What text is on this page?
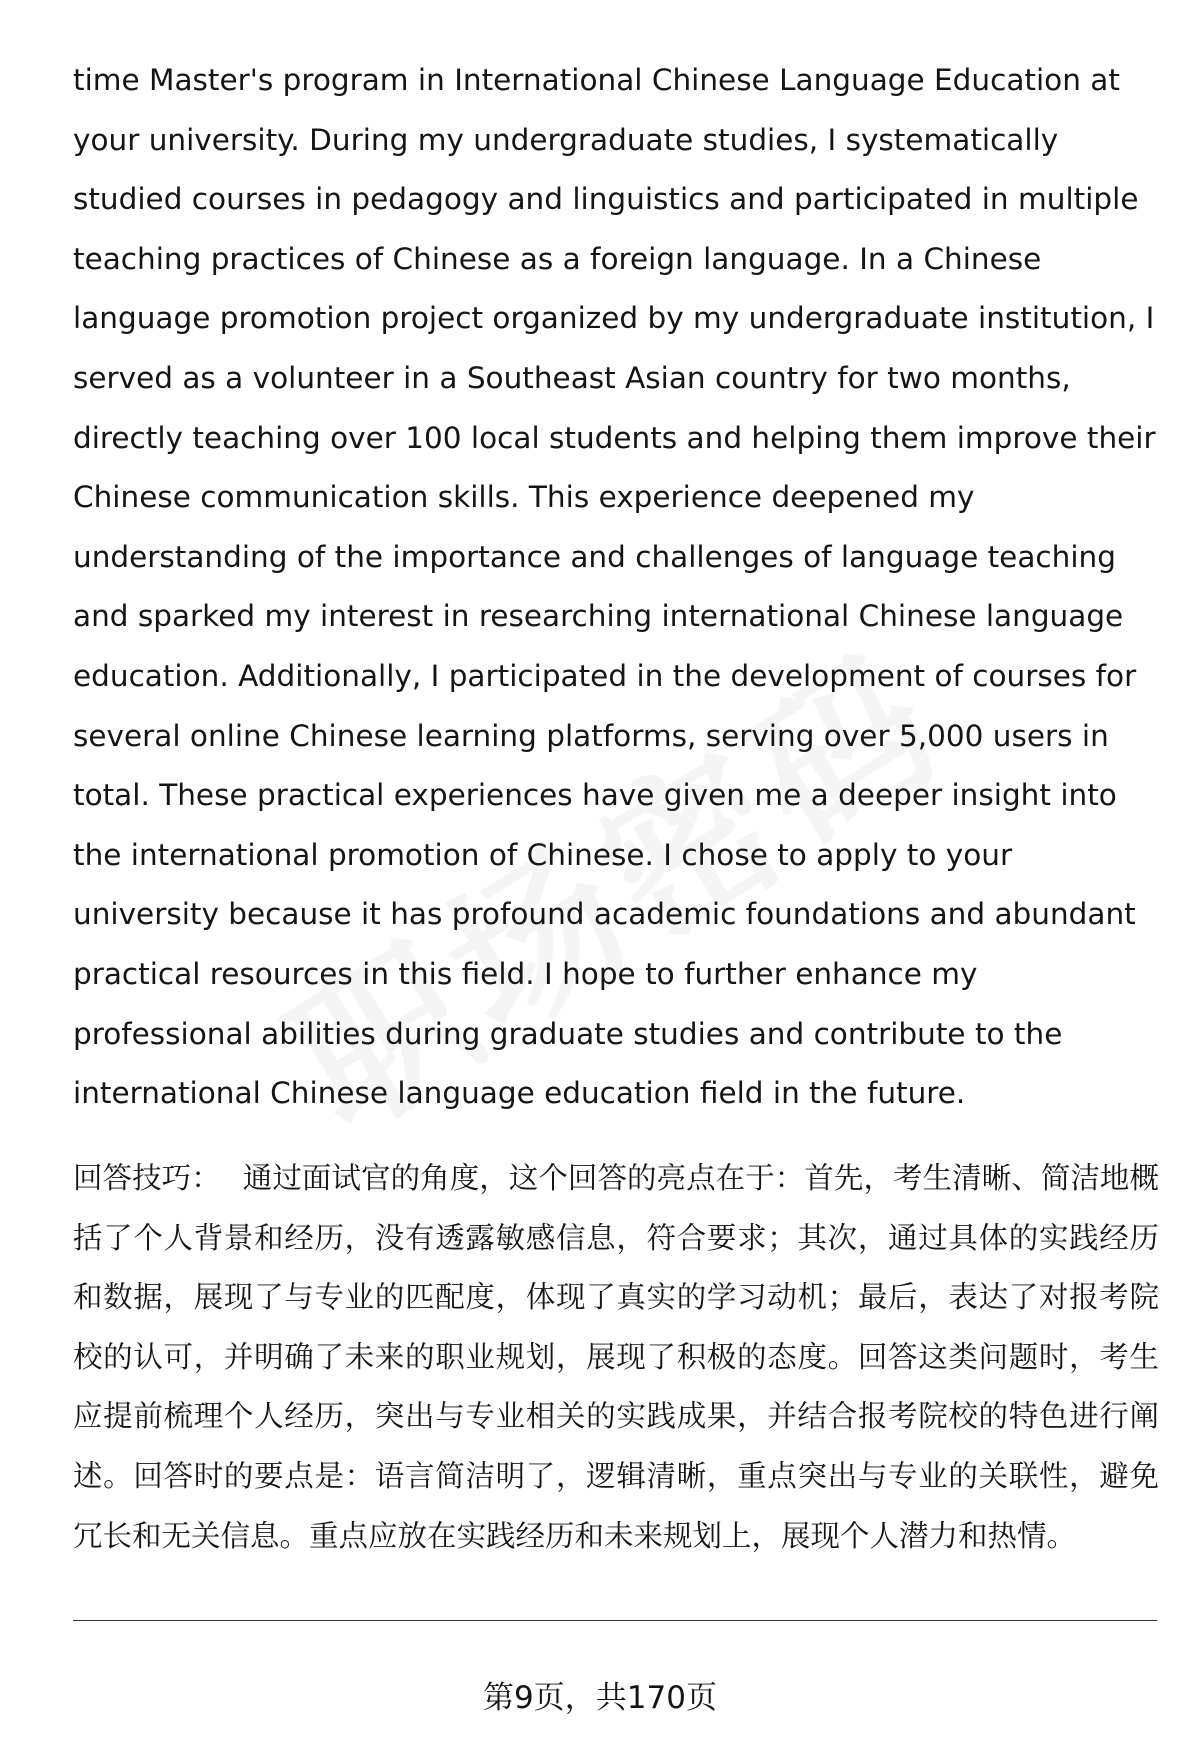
time Master's program in International Chinese Language Education at your university. During my undergraduate studies, I systematically studied courses in pedagogy and linguistics and participated in multiple teaching practices of Chinese as a foreign language. In a Chinese language promotion project organized by my undergraduate institution, I served as a volunteer in a Southeast Asian country for two months, directly teaching over 100 local students and helping them improve their Chinese communication skills. This experience deepened my understanding of the importance and challenges of language teaching and sparked my interest in researching international Chinese language education. Additionally, I participated in the development of courses for several online Chinese learning platforms, serving over 5,000 users in total. These practical experiences have given me a deeper insight into the international promotion of Chinese. I chose to apply to your university because it has profound academic foundations and abundant practical resources in this field. I hope to further enhance my professional abilities during graduate studies and contribute to the international Chinese language education field in the future.

回答技巧： 通过面试官的角度，这个回答的亮点在于：首先，考生清晰、简洁地概括了个人背景和经历，没有透露敏感信息，符合要求；其次，通过具体的实践经历和数据，展现了与专业的匹配度，体现了真实的学习动机；最后，表达了对报考院校的认可，并明确了未来的职业规划，展现了积极的态度。回答这类问题时，考生应提前梳理个人经历，突出与专业相关的实践成果，并结合报考院校的特色进行阐述。回答时的要点是：语言简洁明了，逻辑清晰，重点突出与专业的关联性，避免冗长和无关信息。重点应放在实践经历和未来规划上，展现个人潜力和热情。

第9页，共170页
